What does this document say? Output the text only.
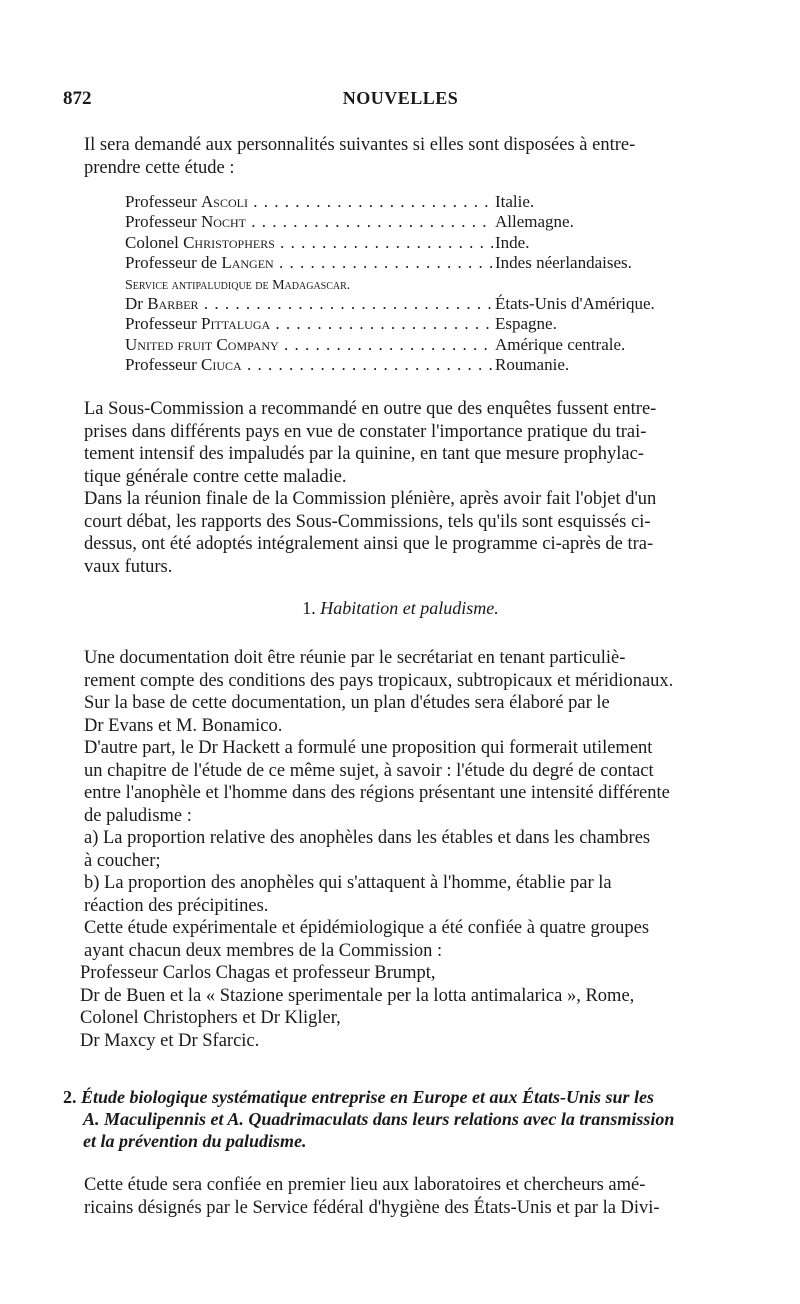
872	NOUVELLES

Il sera demandé aux personnalités suivantes si elles sont disposées à entre-
prendre cette étude :

Professeur Ascoli . . .	Italie.
Professeur Nocht . . .	Allemagne.
Colonel Christophers . . .	Inde.
Professeur de Langen . . .	Indes néerlandaises.
Service antipaludique de Madagascar.
Dr Barber . . .	États-Unis d'Amérique.
Professeur Pittaluga . . .	Espagne.
United fruit Company . . .	Amérique centrale.
Professeur Ciuca . . .	Roumanie.

La Sous-Commission a recommandé en outre que des enquêtes fussent entre-
prises dans différents pays en vue de constater l'importance pratique du trai-
tement intensif des impaludés par la quinine, en tant que mesure prophylac-
tique générale contre cette maladie.

Dans la réunion finale de la Commission plénière, après avoir fait l'objet d'un
court débat, les rapports des Sous-Commissions, tels qu'ils sont esquissés ci-
dessus, ont été adoptés intégralement ainsi que le programme ci-après de tra-
vaux futurs.

1. Habitation et paludisme.

Une documentation doit être réunie par le secrétariat en tenant particuliè-
rement compte des conditions des pays tropicaux, subtropicaux et méridionaux.

Sur la base de cette documentation, un plan d'études sera élaboré par le
Dr Evans et M. Bonamico.

D'autre part, le Dr Hackett a formulé une proposition qui formerait utilement
un chapitre de l'étude de ce même sujet, à savoir : l'étude du degré de contact
entre l'anophèle et l'homme dans des régions présentant une intensité différente
de paludisme :

a) La proportion relative des anophèles dans les étables et dans les chambres
à coucher;

b) La proportion des anophèles qui s'attaquent à l'homme, établie par la
réaction des précipitines.

Cette étude expérimentale et épidémiologique a été confiée à quatre groupes
ayant chacun deux membres de la Commission :

Professeur Carlos Chagas et professeur Brumpt,
Dr de Buen et la « Stazione sperimentale per la lotta antimalarica », Rome,
Colonel Christophers et Dr Kligler,
Dr Maxcy et Dr Sfarcic.
2. Étude biologique systématique entreprise en Europe et aux États-Unis sur les
A. Maculipennis et A. Quadrimaculats dans leurs relations avec la transmission
et la prévention du paludisme.

Cette étude sera confiée en premier lieu aux laboratoires et chercheurs amé-
ricains désignés par le Service fédéral d'hygiène des États-Unis et par la Divi-
